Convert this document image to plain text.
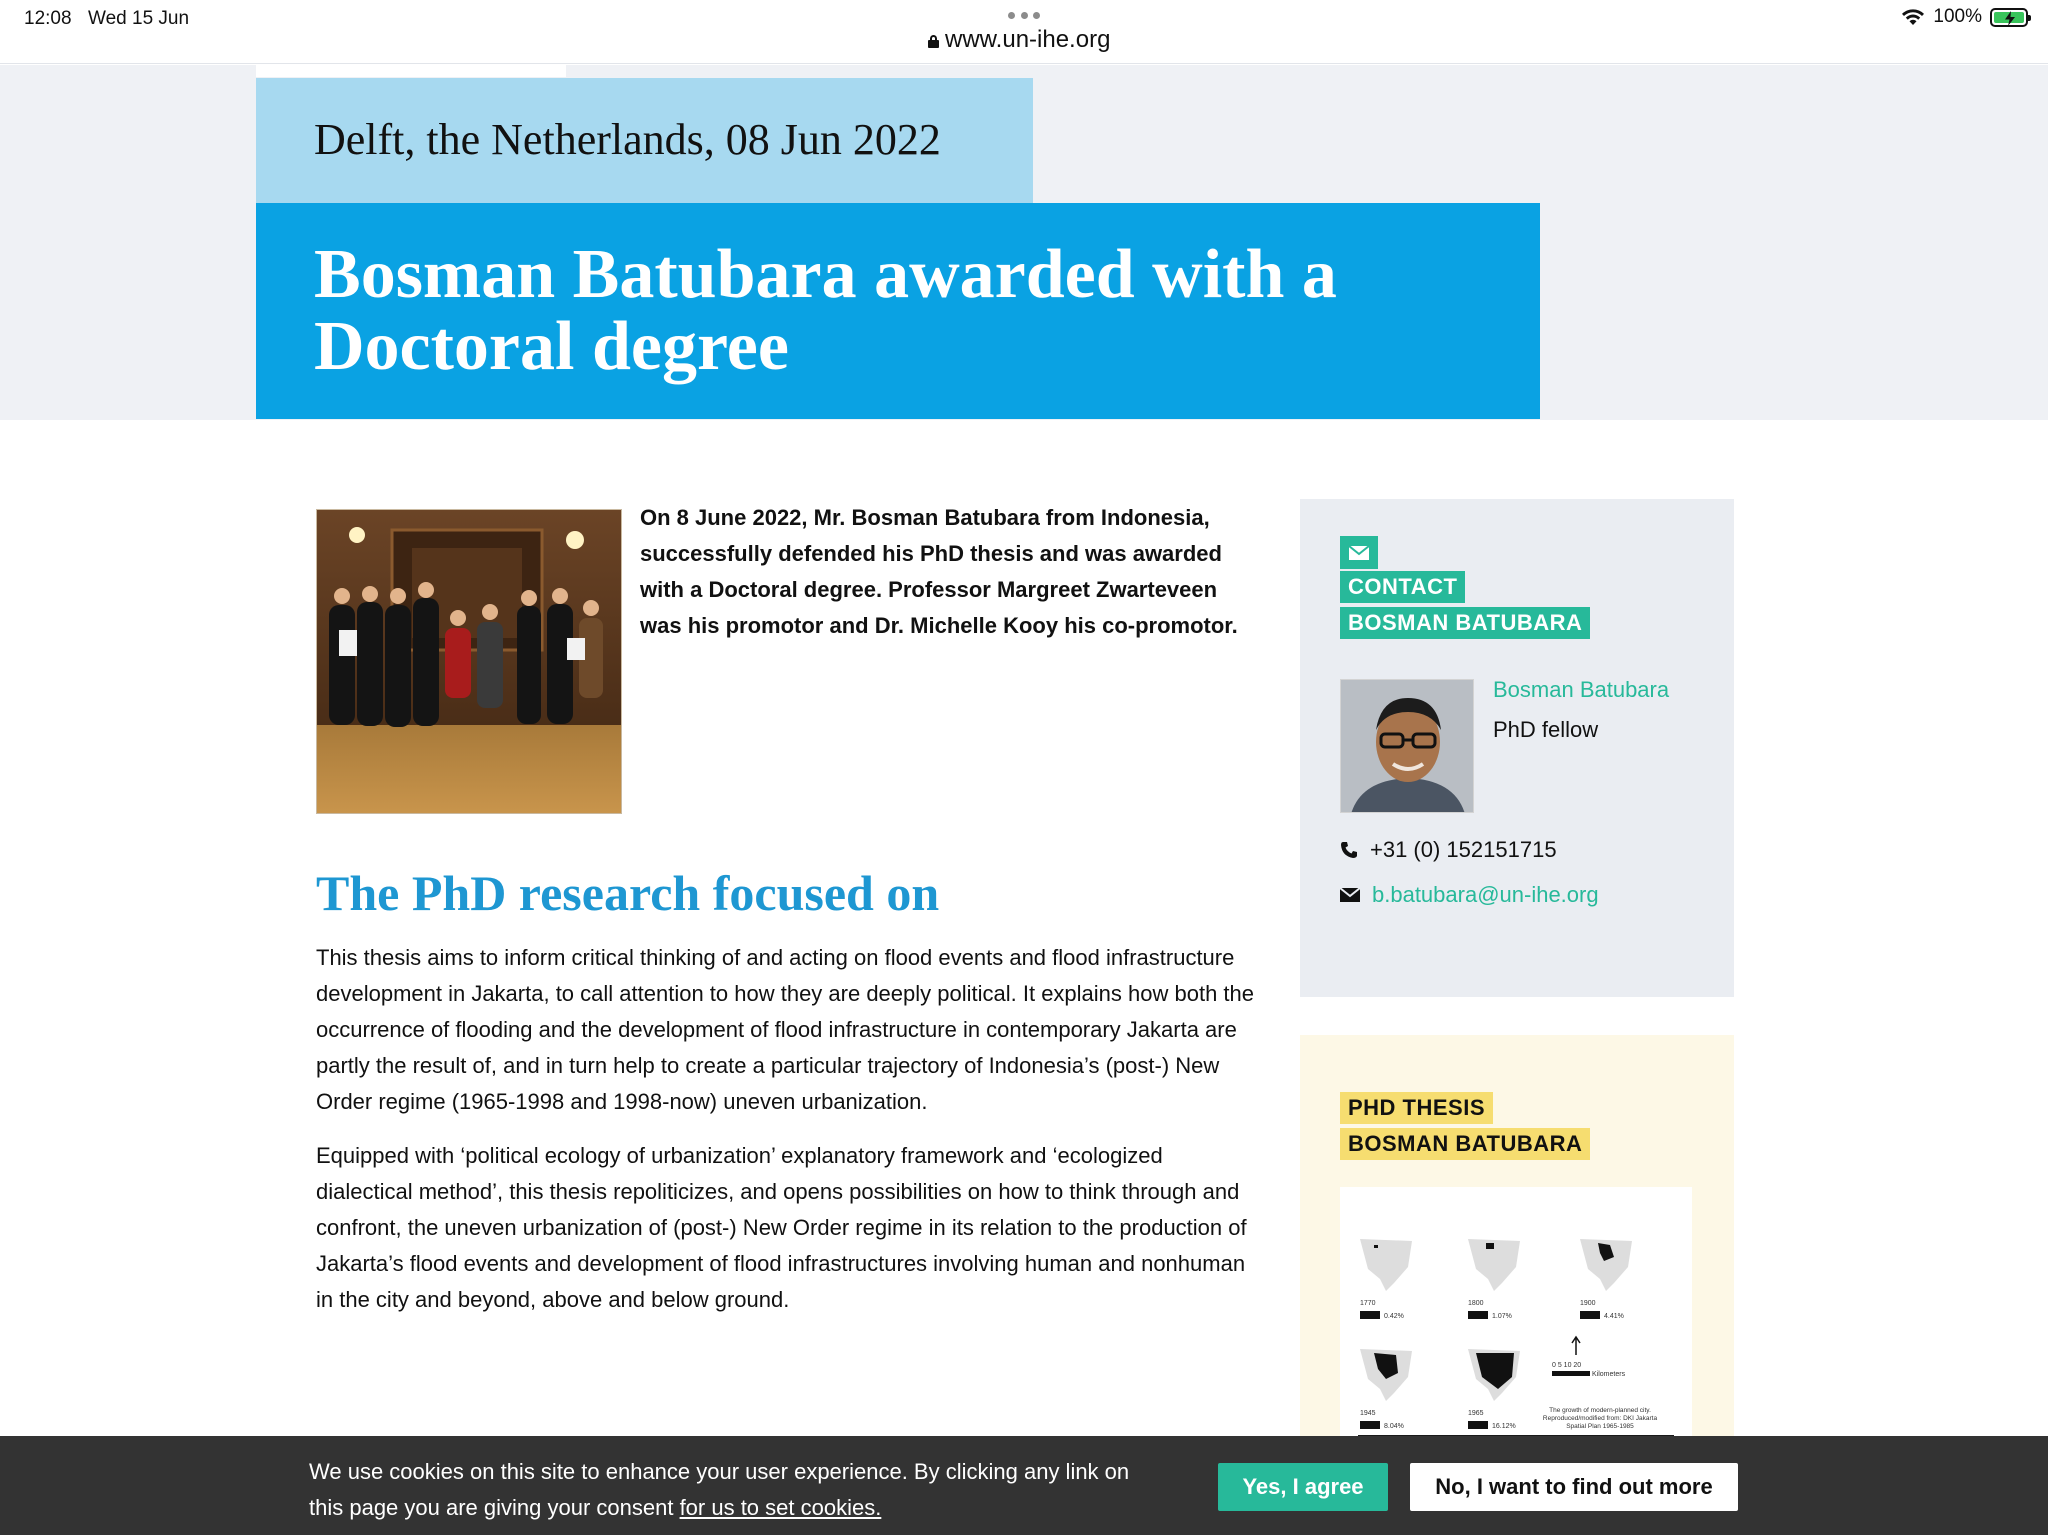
12:08 Wed 15 Jun
www.un-ihe.org
100%
Delft, the Netherlands, 08 Jun 2022
Bosman Batubara awarded with a Doctoral degree

On 8 June 2022, Mr. Bosman Batubara from Indonesia, successfully defended his PhD thesis and was awarded with a Doctoral degree. Professor Margreet Zwarteveen was his promotor and Dr. Michelle Kooy his co-promotor.

The PhD research focused on

This thesis aims to inform critical thinking of and acting on flood events and flood infrastructure development in Jakarta, to call attention to how they are deeply political. It explains how both the occurrence of flooding and the development of flood infrastructure in contemporary Jakarta are partly the result of, and in turn help to create a particular trajectory of Indonesia’s (post-) New Order regime (1965-1998 and 1998-now) uneven urbanization.

Equipped with ‘political ecology of urbanization’ explanatory framework and ‘ecologized dialectical method’, this thesis repoliticizes, and opens possibilities on how to think through and confront, the uneven urbanization of (post-) New Order regime in its relation to the production of Jakarta’s flood events and development of flood infrastructures involving human and nonhuman in the city and beyond, above and below ground.

CONTACT
BOSMAN BATUBARA
Bosman Batubara
PhD fellow
+31 (0) 152151715
b.batubara@un-ihe.org
PHD THESIS
BOSMAN BATUBARA
1770
0.42%
1800
1.07%
1900
4.41%
1945
8.04%
1965
16.12%
0 5 10 20
Kilometers
The growth of modern-planned city. Reproduced/modified from: DKI Jakarta Spatial Plan 1965-1985

We use cookies on this site to enhance your user experience. By clicking any link on this page you are giving your consent for us to set cookies.

Yes, I agree	No, I want to find out more
